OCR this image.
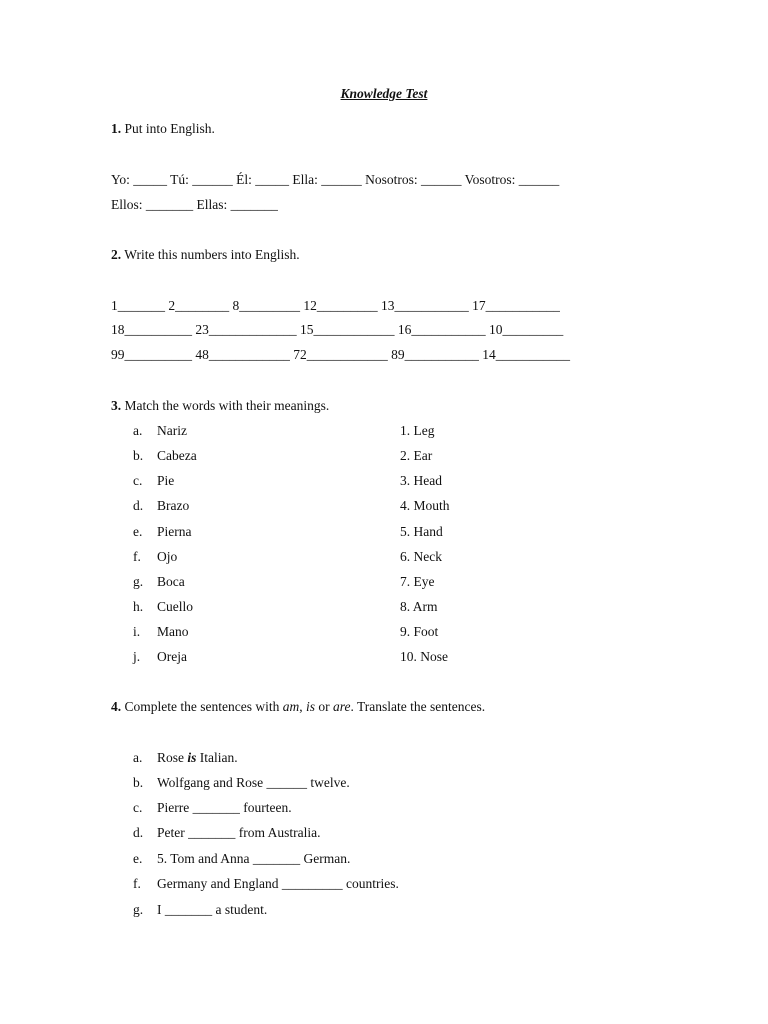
Knowledge Test
1. Put into English.
Yo: _____ Tú: ______ Él: _____ Ella: ______ Nosotros: ______ Vosotros: ______
Ellos: _______ Ellas: _______
2. Write this numbers into English.
1_______ 2________ 8_________ 12_________ 13___________ 17___________
18__________ 23_____________ 15____________ 16___________ 10_________
99__________ 48____________ 72____________ 89___________ 14___________
3. Match the words with their meanings.
a.	Nariz	1. Leg
b. Cabeza	2. Ear
c.	Pie	3. Head
d. Brazo	4. Mouth
e.	Pierna	5. Hand
f.	Ojo	6. Neck
g. Boca	7. Eye
h. Cuello	8. Arm
i.	Mano	9. Foot
j.	Oreja	10. Nose
4. Complete the sentences with am, is or are. Translate the sentences.
a.	Rose is Italian.
b. Wolfgang and Rose ______ twelve.
c.	Pierre _______ fourteen.
d. Peter _______ from Australia.
e.	5. Tom and Anna _______ German.
f.	Germany and England _________ countries.
g. I _______ a student.
